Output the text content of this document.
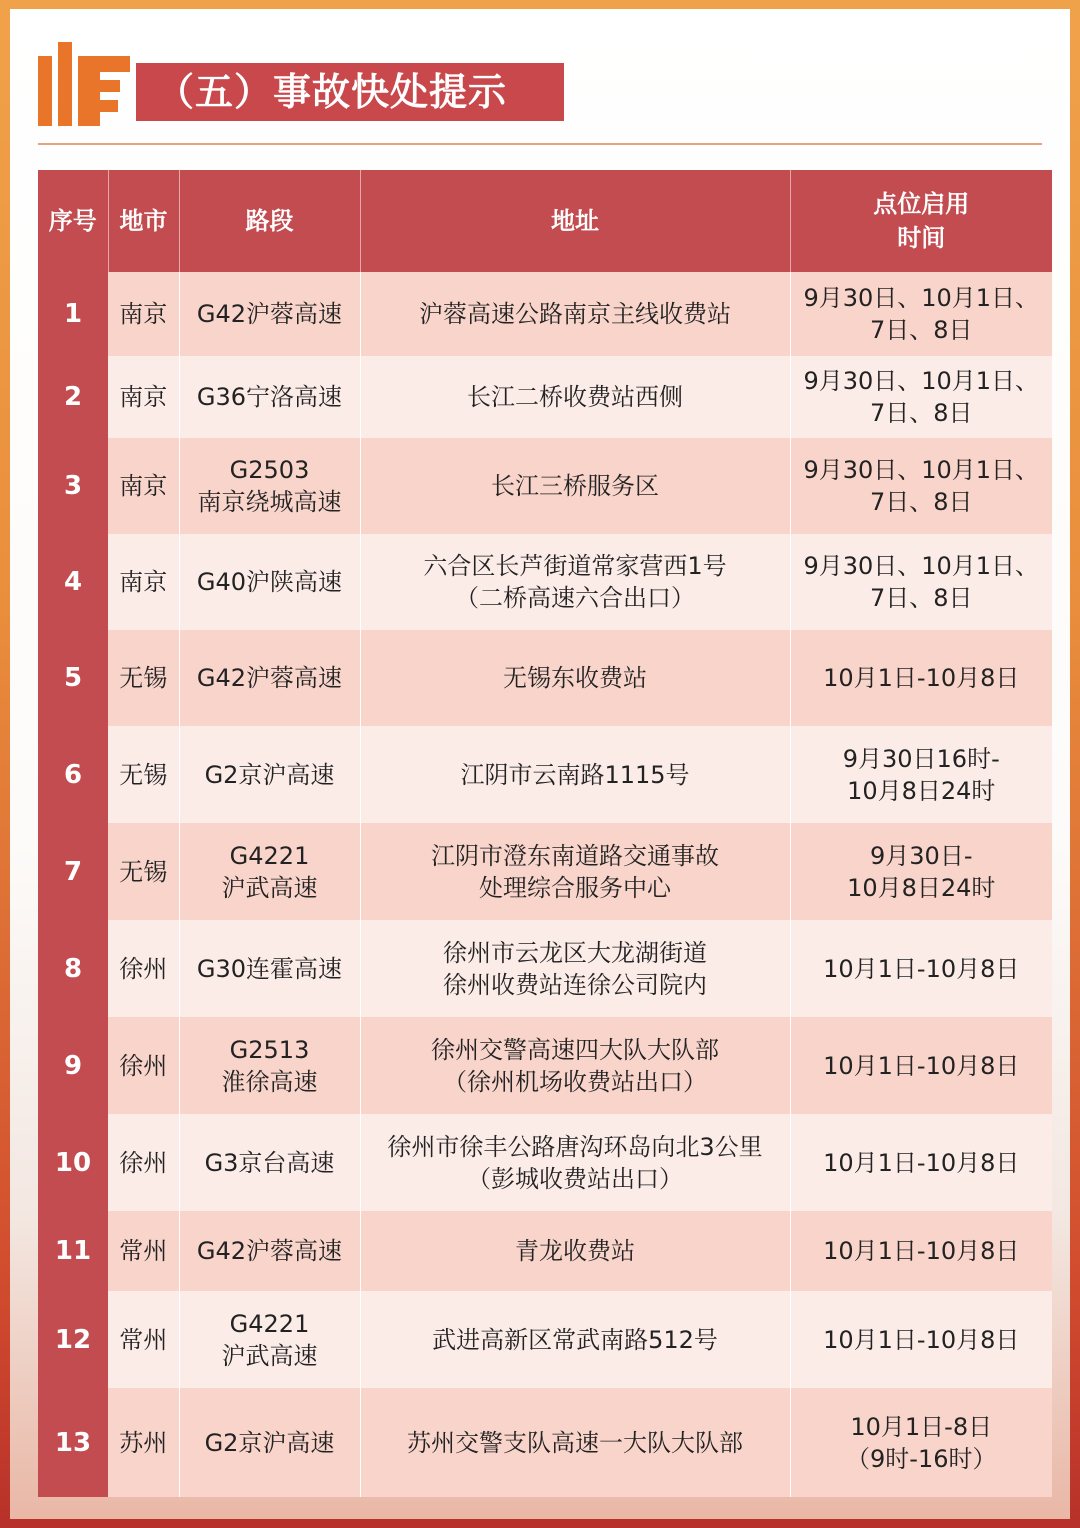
（五）事故快处提示
序号	地市	路段	地址	点位启用
时间
1	南京	G42沪蓉高速	沪蓉高速公路南京主线收费站	9月30日、10月1日、
7日、8日
2	南京	G36宁洛高速	长江二桥收费站西侧	9月30日、10月1日、
7日、8日
3	南京	G2503
南京绕城高速	长江三桥服务区	9月30日、10月1日、
7日、8日
4	南京	G40沪陕高速	六合区长芦街道常家营西1号
（二桥高速六合出口）	9月30日、10月1日、
7日、8日
5	无锡	G42沪蓉高速	无锡东收费站	10月1日-10月8日
6	无锡	G2京沪高速	江阴市云南路1115号	9月30日16时-
10月8日24时
7	无锡	G4221
沪武高速	江阴市澄东南道路交通事故
处理综合服务中心	9月30日-
10月8日24时
8	徐州	G30连霍高速	徐州市云龙区大龙湖街道
徐州收费站连徐公司院内	10月1日-10月8日
9	徐州	G2513
淮徐高速	徐州交警高速四大队大队部
（徐州机场收费站出口）	10月1日-10月8日
10	徐州	G3京台高速	徐州市徐丰公路唐沟环岛向北3公里
（彭城收费站出口）	10月1日-10月8日
11	常州	G42沪蓉高速	青龙收费站	10月1日-10月8日
12	常州	G4221
沪武高速	武进高新区常武南路512号	10月1日-10月8日
13	苏州	G2京沪高速	苏州交警支队高速一大队大队部	10月1日-8日
（9时-16时）
